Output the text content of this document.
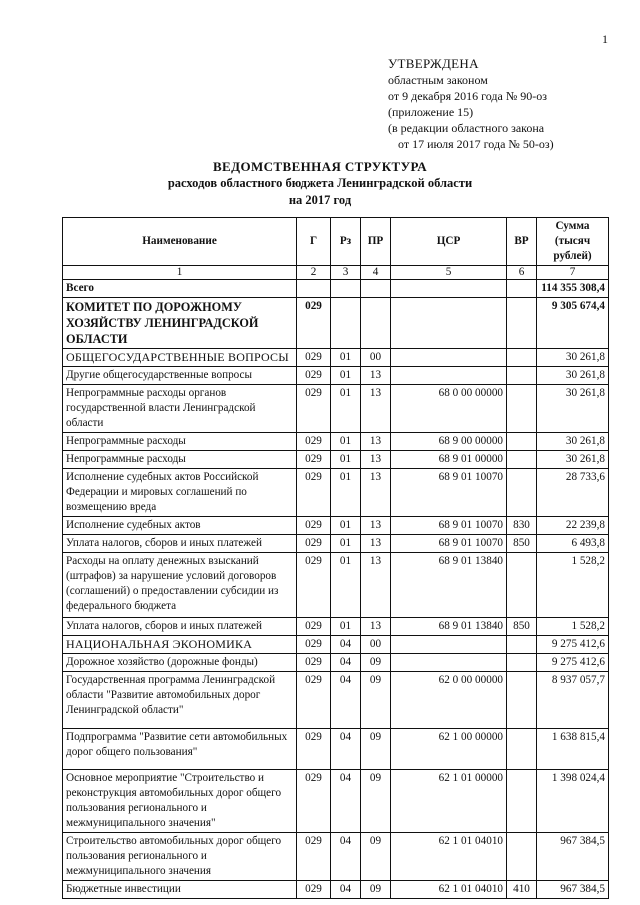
1
УТВЕРЖДЕНА
областным законом
от 9 декабря 2016 года № 90-оз
(приложение 15)
(в редакции областного закона
от 17 июля 2017 года № 50-оз)
ВЕДОМСТВЕННАЯ СТРУКТУРА
расходов областного бюджета Ленинградской области
на 2017 год
Наименование	Г	Рз	ПР	ЦСР	ВР	Сумма
(тысяч рублей)

1	2	3	4	5	6	7
Всего						114 355 308,4
КОМИТЕТ ПО ДОРОЖНОМУ ХОЗЯЙСТВУ ЛЕНИНГРАДСКОЙ ОБЛАСТИ	029					9 305 674,4
ОБЩЕГОСУДАРСТВЕННЫЕ ВОПРОСЫ	029	01	00			30 261,8
Другие общегосударственные вопросы	029	01	13			30 261,8
Непрограммные расходы органов государственной власти Ленинградской области	029	01	13	68 0 00 00000		30 261,8
Непрограммные расходы	029	01	13	68 9 00 00000		30 261,8
Непрограммные расходы	029	01	13	68 9 01 00000		30 261,8
Исполнение судебных актов Российской Федерации и мировых соглашений по возмещению вреда	029	01	13	68 9 01 10070		28 733,6
Исполнение судебных актов	029	01	13	68 9 01 10070	830	22 239,8
Уплата налогов, сборов и иных платежей	029	01	13	68 9 01 10070	850	6 493,8
Расходы на оплату денежных взысканий (штрафов) за нарушение условий договоров (соглашений) о предоставлении субсидии из федерального бюджета	029	01	13	68 9 01 13840		1 528,2
Уплата налогов, сборов и иных платежей	029	01	13	68 9 01 13840	850	1 528,2
НАЦИОНАЛЬНАЯ ЭКОНОМИКА	029	04	00			9 275 412,6
Дорожное хозяйство (дорожные фонды)	029	04	09			9 275 412,6
Государственная программа Ленинградской области "Развитие автомобильных дорог Ленинградской области"	029	04	09	62 0 00 00000		8 937 057,7
Подпрограмма "Развитие сети автомобильных дорог общего пользования"	029	04	09	62 1 00 00000		1 638 815,4
Основное мероприятие "Строительство и реконструкция автомобильных дорог общего пользования регионального и межмуниципального значения"	029	04	09	62 1 01 00000		1 398 024,4
Строительство автомобильных дорог общего пользования регионального и межмуниципального значения	029	04	09	62 1 01 04010		967 384,5
Бюджетные инвестиции	029	04	09	62 1 01 04010	410	967 384,5
